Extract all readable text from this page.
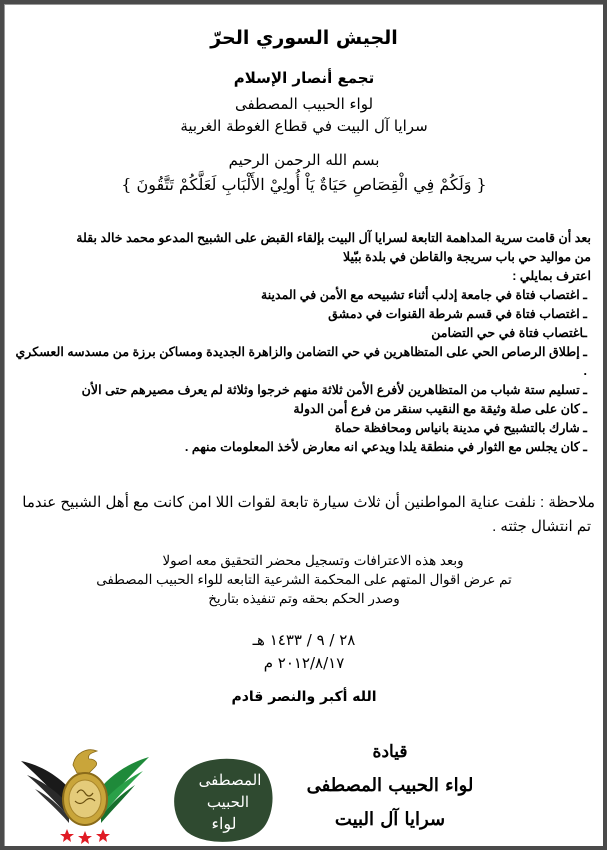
الجيش السوري الحرّ
تجمع أنصار الإسلام
لواء الحبيب المصطفى
سرايا آل البيت في قطاع الغوطة الغربية
بسم الله الرحمن الرحيم
{ وَلَكُمْ فِي الْقِصَاصِ حَيَاةٌ يَاْ أُولِيْ الأَلْبَابِ لَعَلَّكُمْ تَتَّقُونَ }

بعد أن قامت سرية المداهمة التابعة لسرايا آل البيت بإلقاء القبض على الشبيح المدعو محمد خالد بقلة

من مواليد حي باب سريجة والقاطن في بلدة ببّيلا

اعترف بمايلي :

ـ اغتصاب فتاة في جامعة إدلب أثناء تشبيحه مع الأمن في المدينة

ـ اغتصاب فتاة في قسم شرطة القنوات في دمشق

ـاغتصاب فتاة في حي التضامن

ـ إطلاق الرصاص الحي على المتظاهرين في حي التضامن والزاهرة الجديدة ومساكن برزة من مسدسه العسكري .

ـ تسليم ستة شباب من المتظاهرين لأفرع الأمن ثلاثة منهم خرجوا وثلاثة لم يعرف مصيرهم حتى الأن

ـ كان على صلة وثيقة مع النقيب سنقر من فرع أمن الدولة

ـ شارك بالتشبيح في مدينة بانياس ومحافظة حماة

ـ كان يجلس مع الثوار في منطقة يلدا ويدعي انه معارض لأخذ المعلومات منهم .

ملاحظة : نلفت عناية المواطنين أن ثلاث سيارة تابعة لقوات اللا امن كانت مع أهل الشبيح عندما

تم انتشال جثته .

وبعد هذه الاعترافات وتسجيل محضر التحقيق معه اصولا

تم عرض اقوال المتهم على المحكمة الشرعية التابعه للواء الحبيب المصطفى

وصدر الحكم بحقه وتم تنفيذه بتاريخ

٢٨ / ٩ / ١٤٣٣ هـ

٢٠١٢/٨/١٧ م

الله أكبر والنصر قادم

قيادة

لواء الحبيب المصطفى

سرايا آل البيت

المصطفى
الحبيب
لواء
